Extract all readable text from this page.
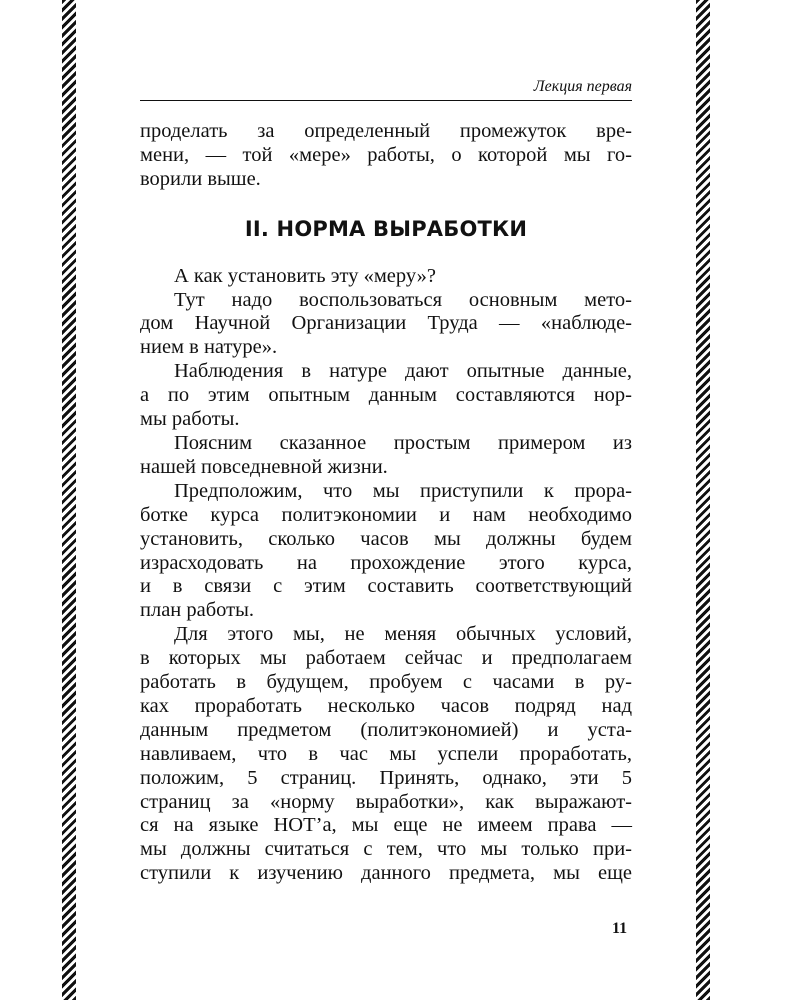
Лекция первая
проделать за определенный промежуток вре-
мени, — той «мере» работы, о которой мы го-
ворили выше.
II. НОРМА ВЫРАБОТКИ
А как установить эту «меру»?
Тут надо воспользоваться основным мето-
дом Научной Организации Труда — «наблюде-
нием в натуре».
Наблюдения в натуре дают опытные данные,
а по этим опытным данным составляются нор-
мы работы.
Поясним сказанное простым примером из
нашей повседневной жизни.
Предположим, что мы приступили к прора-
ботке курса политэкономии и нам необходимо
установить, сколько часов мы должны будем
израсходовать на прохождение этого курса,
и в связи с этим составить соответствующий
план работы.
Для этого мы, не меняя обычных условий,
в которых мы работаем сейчас и предполагаем
работать в будущем, пробуем с часами в ру-
ках проработать несколько часов подряд над
данным предметом (политэкономией) и уста-
навливаем, что в час мы успели проработать,
положим, 5 страниц. Принять, однако, эти 5
страниц за «норму выработки», как выражают-
ся на языке НОТ’а, мы еще не имеем права —
мы должны считаться с тем, что мы только при-
ступили к изучению данного предмета, мы еще
11
